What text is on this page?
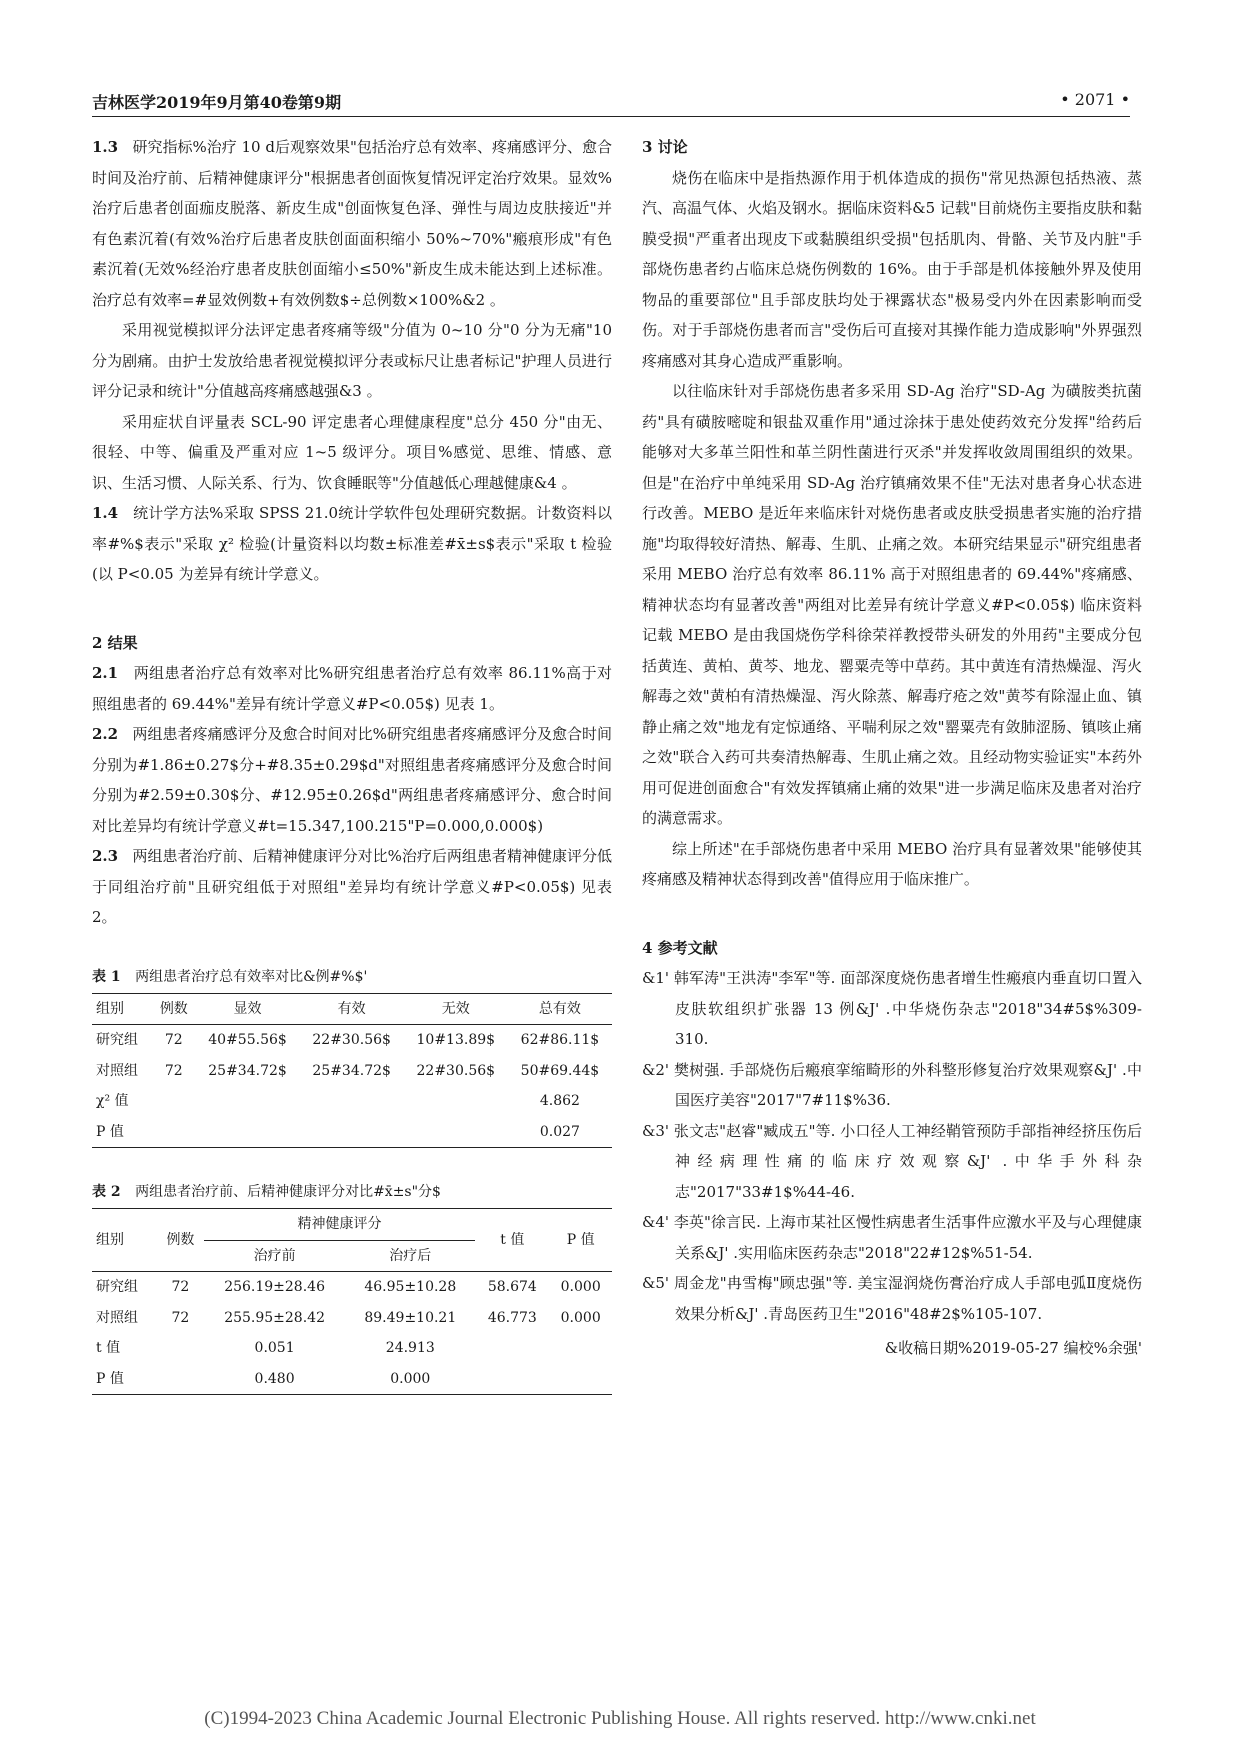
吉林医学2019年9月第40卷第9期	• 2071 •

1.3 研究指标%治疗 10 d后观察效果"包括治疗总有效率、疼痛感评分、愈合时间及治疗前、后精神健康评分"根据患者创面恢复情况评定治疗效果。显效%治疗后患者创面痂皮脱落、新皮生成"创面恢复色泽、弹性与周边皮肤接近"并有色素沉着(有效%治疗后患者皮肤创面面积缩小 50%~70%"瘢痕形成"有色素沉着(无效%经治疗患者皮肤创面缩小≤50%"新皮生成未能达到上述标准。治疗总有效率=#显效例数+有效例数$÷总例数×100%&2 。

采用视觉模拟评分法评定患者疼痛等级"分值为 0~10 分"0 分为无痛"10 分为剧痛。由护士发放给患者视觉模拟评分表或标尺让患者标记"护理人员进行评分记录和统计"分值越高疼痛感越强&3 。

采用症状自评量表 SCL-90 评定患者心理健康程度"总分 450 分"由无、很轻、中等、偏重及严重对应 1~5 级评分。项目%感觉、思维、情感、意识、生活习惯、人际关系、行为、饮食睡眠等"分值越低心理越健康&4 。

1.4 统计学方法%采取 SPSS 21.0统计学软件包处理研究数据。计数资料以率#%$表示"采取 χ² 检验(计量资料以均数±标准差#x̄±s$表示"采取 t 检验(以 P<0.05 为差异有统计学意义。

2 结果

2.1 两组患者治疗总有效率对比%研究组患者治疗总有效率 86.11%高于对照组患者的 69.44%"差异有统计学意义#P<0.05$) 见表 1。

2.2 两组患者疼痛感评分及愈合时间对比%研究组患者疼痛感评分及愈合时间分别为#1.86±0.27$分+#8.35±0.29$d"对照组患者疼痛感评分及愈合时间分别为#2.59±0.30$分、#12.95±0.26$d"两组患者疼痛感评分、愈合时间对比差异均有统计学意义#t=15.347,100.215"P=0.000,0.000$)

2.3 两组患者治疗前、后精神健康评分对比%治疗后两组患者精神健康评分低于同组治疗前"且研究组低于对照组"差异均有统计学意义#P<0.05$) 见表 2。

表 1 两组患者治疗总有效率对比&例#%$'
组别	例数	显效	有效	无效	总有效
研究组	72	40#55.56$	22#30.56$	10#13.89$	62#86.11$
对照组	72	25#34.72$	25#34.72$	22#30.56$	50#69.44$
χ² 值					4.862
P 值					0.027
表 2 两组患者治疗前、后精神健康评分对比#x̄±s"分$
组别	例数	精神健康评分		t 值	P 值
		治疗前	治疗后		
研究组	72	256.19±28.46	46.95±10.28	58.674	0.000
对照组	72	255.95±28.42	89.49±10.21	46.773	0.000
t 值		0.051	24.913		
P 值		0.480	0.000		

3 讨论

烧伤在临床中是指热源作用于机体造成的损伤"常见热源包括热液、蒸汽、高温气体、火焰及钢水。据临床资料&5 记载"目前烧伤主要指皮肤和黏膜受损"严重者出现皮下或黏膜组织受损"包括肌肉、骨骼、关节及内脏"手部烧伤患者约占临床总烧伤例数的 16%。由于手部是机体接触外界及使用物品的重要部位"且手部皮肤均处于裸露状态"极易受内外在因素影响而受伤。对于手部烧伤患者而言"受伤后可直接对其操作能力造成影响"外界强烈疼痛感对其身心造成严重影响。

以往临床针对手部烧伤患者多采用 SD-Ag 治疗"SD-Ag 为磺胺类抗菌药"具有磺胺嘧啶和银盐双重作用"通过涂抹于患处使药效充分发挥"给药后能够对大多革兰阳性和革兰阴性菌进行灭杀"并发挥收敛周围组织的效果。但是"在治疗中单纯采用 SD-Ag 治疗镇痛效果不佳"无法对患者身心状态进行改善。MEBO 是近年来临床针对烧伤患者或皮肤受损患者实施的治疗措施"均取得较好清热、解毒、生肌、止痛之效。本研究结果显示"研究组患者采用 MEBO 治疗总有效率 86.11% 高于对照组患者的 69.44%"疼痛感、精神状态均有显著改善"两组对比差异有统计学意义#P<0.05$) 临床资料记载 MEBO 是由我国烧伤学科徐荣祥教授带头研发的外用药"主要成分包括黄连、黄柏、黄芩、地龙、罂粟壳等中草药。其中黄连有清热燥湿、泻火解毒之效"黄柏有清热燥湿、泻火除蒸、解毒疗疮之效"黄芩有除湿止血、镇静止痛之效"地龙有定惊通络、平喘利尿之效"罂粟壳有敛肺涩肠、镇咳止痛之效"联合入药可共奏清热解毒、生肌止痛之效。且经动物实验证实"本药外用可促进创面愈合"有效发挥镇痛止痛的效果"进一步满足临床及患者对治疗的满意需求。

综上所述"在手部烧伤患者中采用 MEBO 治疗具有显著效果"能够使其疼痛感及精神状态得到改善"值得应用于临床推广。

4 参考文献

&1' 韩军涛"王洪涛"李军"等. 面部深度烧伤患者增生性瘢痕内垂直切口置入皮肤软组织扩张器 13 例&J' .中华烧伤杂志"2018"34#5$%309-310.

&2' 樊树强. 手部烧伤后瘢痕挛缩畸形的外科整形修复治疗效果观察&J' .中国医疗美容"2017"7#11$%36.

&3' 张文志"赵睿"臧成五"等. 小口径人工神经鞘管预防手部指神经挤压伤后神经病理性痛的临床疗效观察&J' .中华手外科杂志"2017"33#1$%44-46.

&4' 李英"徐言民. 上海市某社区慢性病患者生活事件应激水平及与心理健康关系&J' .实用临床医药杂志"2018"22#12$%51-54.

&5' 周金龙"冉雪梅"顾忠强"等. 美宝湿润烧伤膏治疗成人手部电弧Ⅱ度烧伤效果分析&J' .青岛医药卫生"2016"48#2$%105-107.

&收稿日期%2019-05-27 编校%余强'

(C)1994-2023 China Academic Journal Electronic Publishing House. All rights reserved. http://www.cnki.net
